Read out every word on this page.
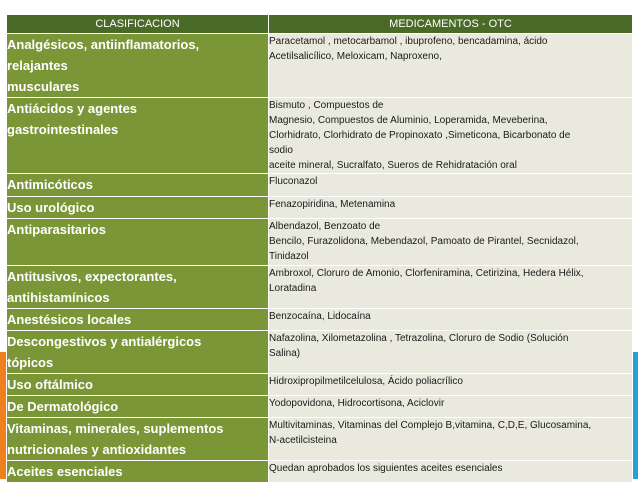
CLASIFICACION	MEDICAMENTOS - OTC

Analgésicos, antiinflamatorios,
relajantes
musculares	Paracetamol , metocarbamol , ibuprofeno, bencadamina, ácido
Acetilsalicílico, Meloxicam, Naproxeno,

Antiácidos y agentes
gastrointestinales	Bismuto , Compuestos de
Magnesio, Compuestos de Aluminio, Loperamida, Meveberina,
Clorhidrato, Clorhidrato de Propinoxato ,Simeticona, Bicarbonato de
sodio
aceite mineral, Sucralfato, Sueros de Rehidratación oral

Antimicóticos	Fluconazol

Uso urológico	Fenazopiridina, Metenamina

Antiparasitarios	Albendazol, Benzoato de
Bencilo, Furazolidona, Mebendazol, Pamoato de Pirantel, Secnidazol,
Tinidazol

Antitusivos, expectorantes,
antihistamínicos	Ambroxol, Cloruro de Amonio, Clorfeniramina, Cetirizina, Hedera Hélix,
Loratadina

Anestésicos locales	Benzocaína, Lidocaína

Descongestivos y antialérgicos
tópicos	Nafazolina, Xilometazolina , Tetrazolina, Cloruro de Sodio (Solución
Salina)

Uso oftálmico	Hidroxipropilmetilcelulosa, Ácido poliacrílico

De Dermatológico	Yodopovidona, Hidrocortisona, Aciclovir

Vitaminas, minerales, suplementos
nutricionales y antioxidantes	Multivitaminas, Vitaminas del Complejo B,vitamina, C,D,E, Glucosamina,
N-acetilcisteina

Aceites esenciales	Quedan aprobados los siguientes aceites esenciales
